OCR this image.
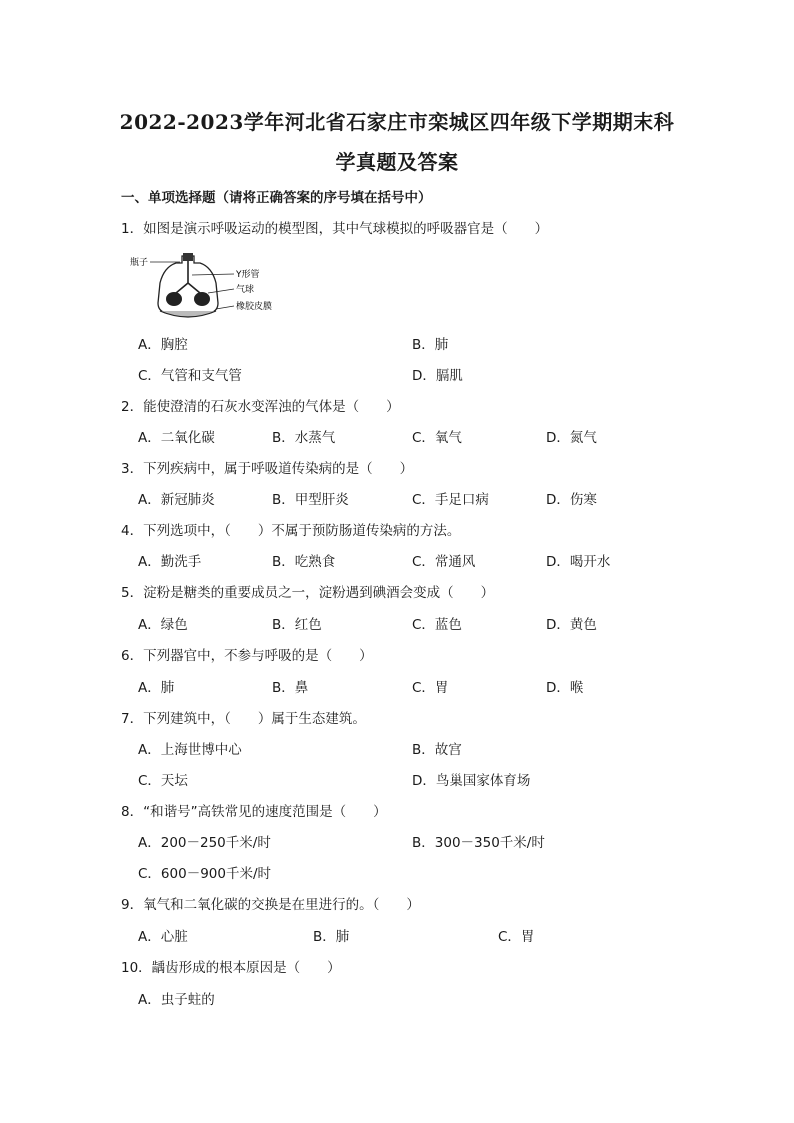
2022-2023学年河北省石家庄市栾城区四年级下学期期末科
学真题及答案
一、单项选择题（请将正确答案的序号填在括号中）
1．如图是演示呼吸运动的模型图，其中气球模拟的呼吸器官是（　　）
瓶子
Y形管
气球
橡胶皮膜
A．胸腔	B．肺
C．气管和支气管	D．膈肌
2．能使澄清的石灰水变浑浊的气体是（　　）
A．二氧化碳	B．水蒸气	C．氧气	D．氮气
3．下列疾病中，属于呼吸道传染病的是（　　）
A．新冠肺炎	B．甲型肝炎	C．手足口病	D．伤寒
4．下列选项中，（　　）不属于预防肠道传染病的方法。
A．勤洗手	B．吃熟食	C．常通风	D．喝开水
5．淀粉是糖类的重要成员之一，淀粉遇到碘酒会变成（　　）
A．绿色	B．红色	C．蓝色	D．黄色
6．下列器官中，不参与呼吸的是（　　）
A．肺	B．鼻	C．胃	D．喉
7．下列建筑中，（　　）属于生态建筑。
A．上海世博中心	B．故宫
C．天坛	D．鸟巢国家体育场
8．“和谐号”高铁常见的速度范围是（　　）
A．200－250千米/时	B．300－350千米/时
C．600－900千米/时
9．氧气和二氧化碳的交换是在里进行的。（　　）
A．心脏	B．肺	C．胃
10．龋齿形成的根本原因是（　　）
A．虫子蛀的
